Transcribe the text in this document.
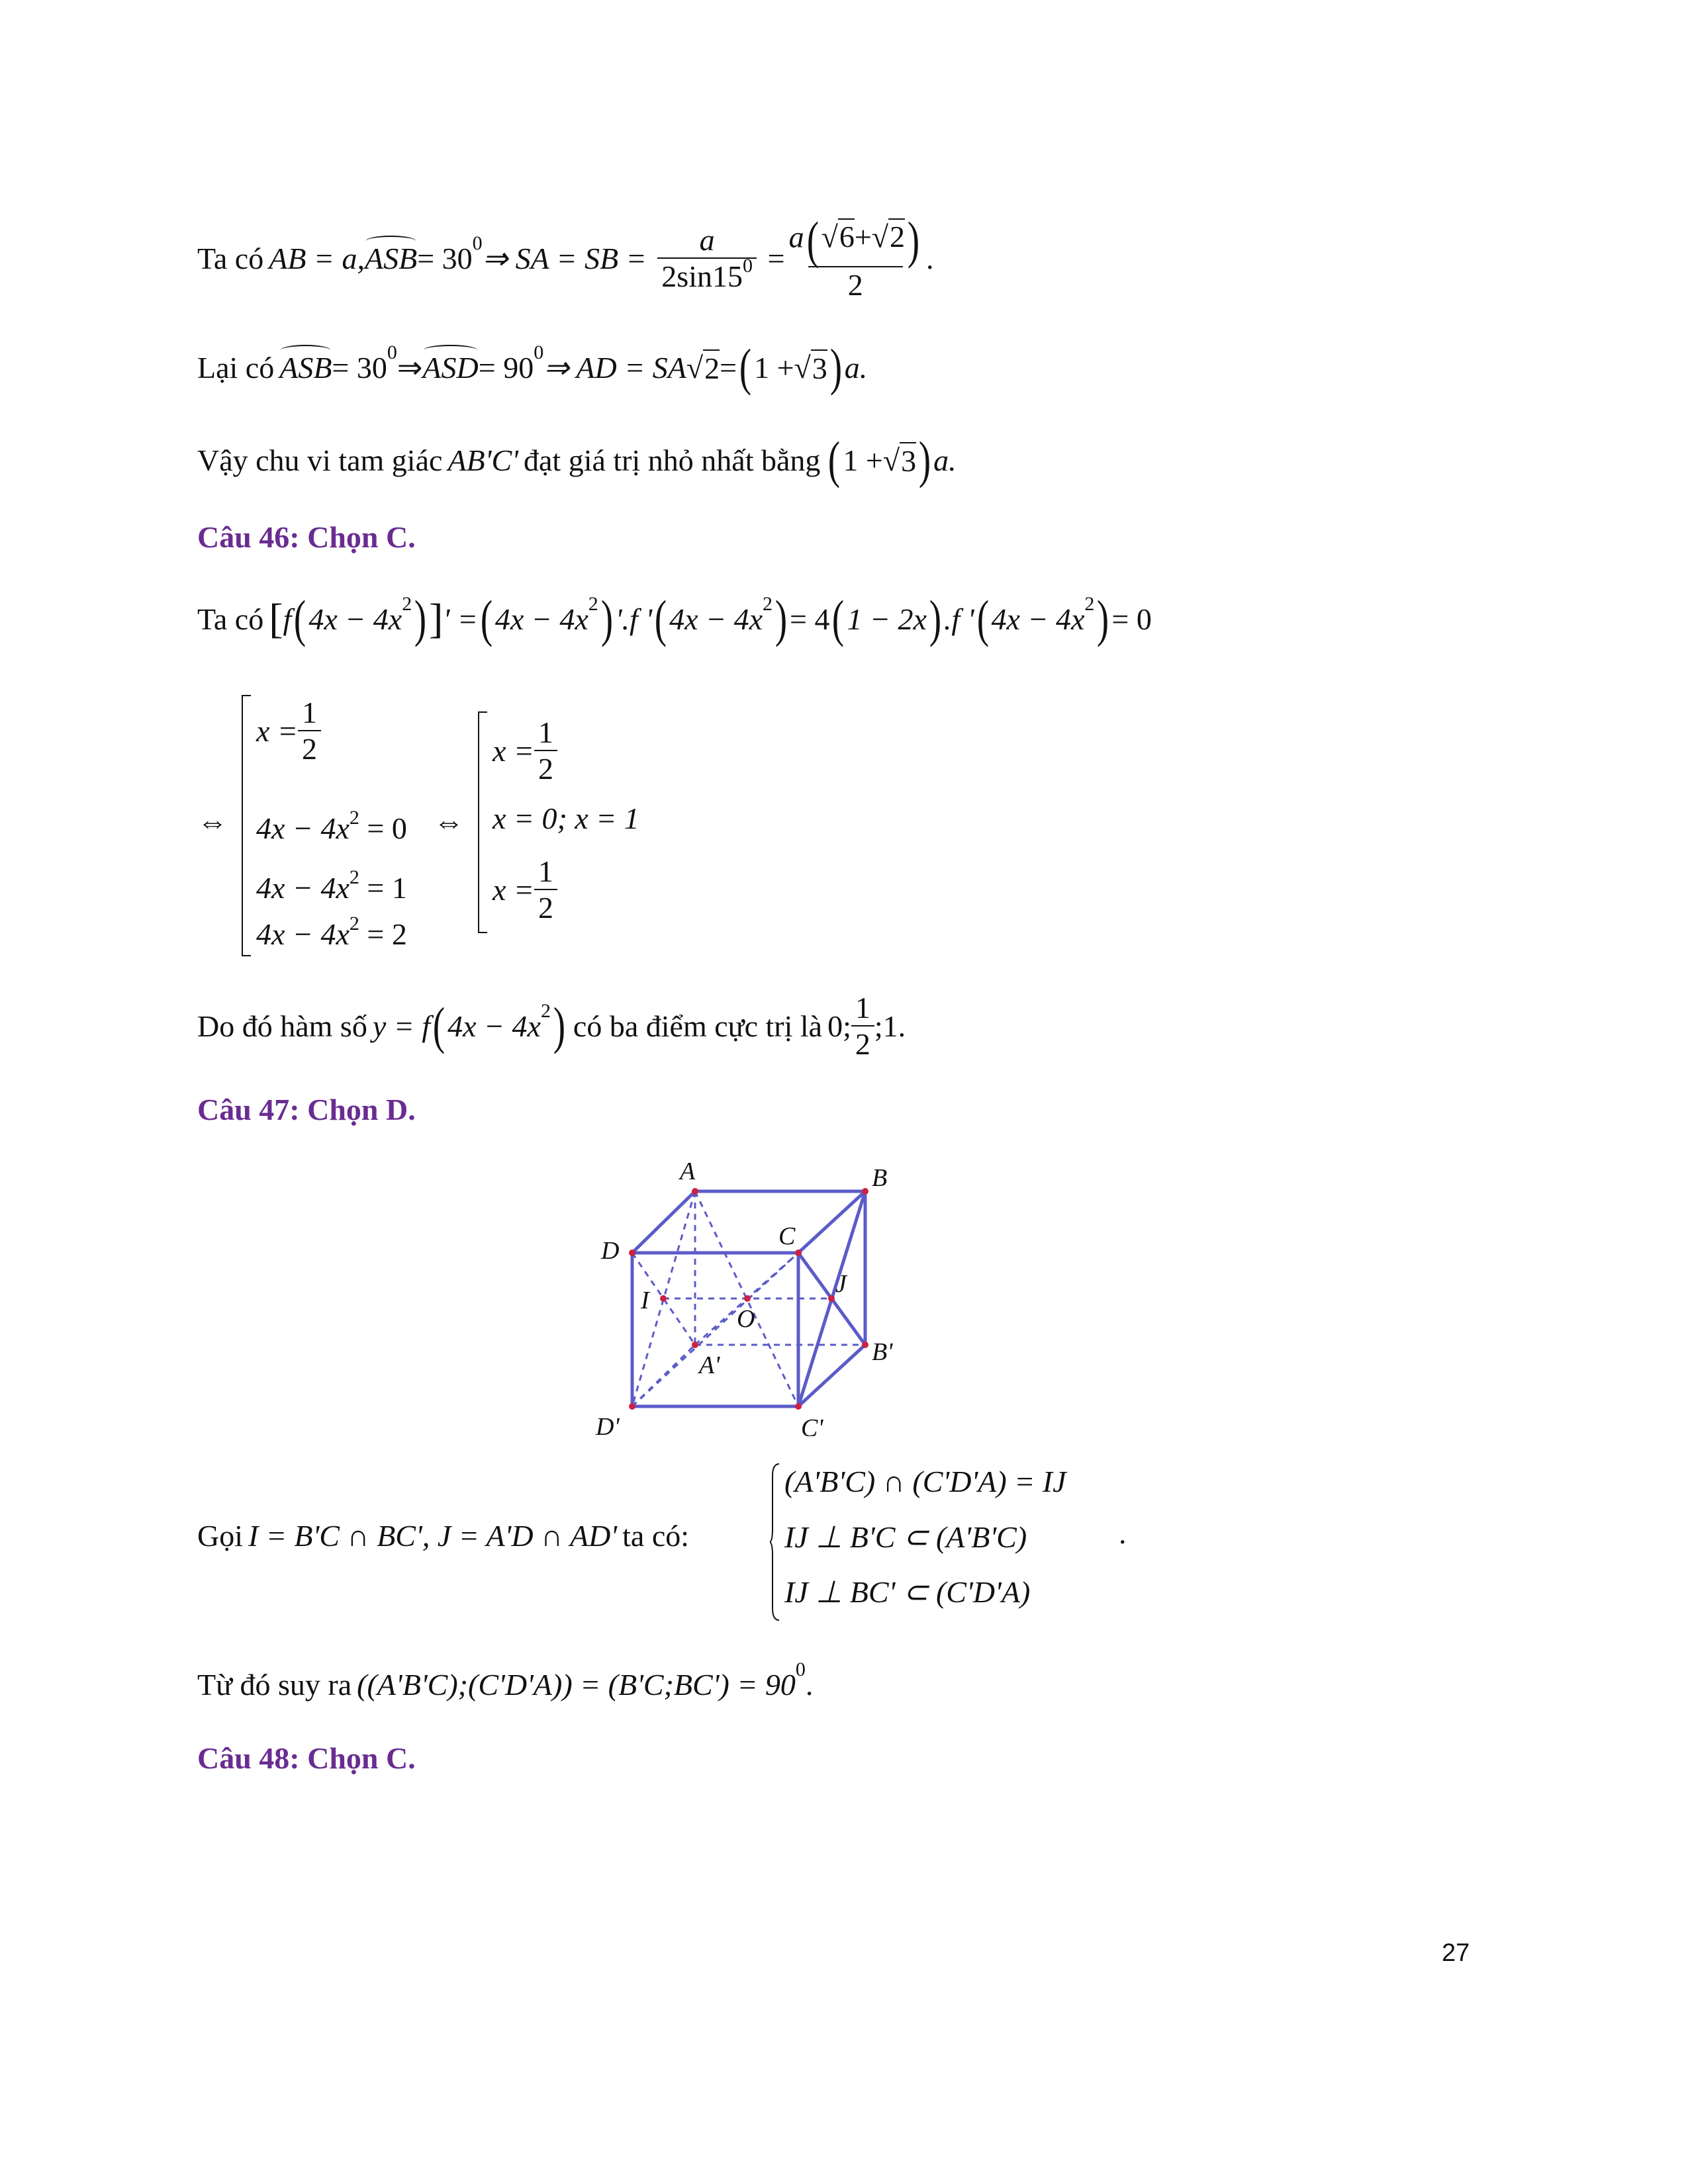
Ta có
AB = a, ASB = 30 0 ⇒ SA = SB = $\frac{a}{2\sin 15^0} = \frac{a(√6+√2)}{2}$ .
Lại có
ASB = 30 0 ⇒ ASD = 90 0 ⇒ AD = SA √ 2 = ( 1 + √ 3 ) a.
Vậy chu vi tam giác
AB'C'
đạt giá trị nhỏ nhất bằng
( 1 + √ 3 ) a.
Câu 46: Chọn C.
Ta có
[ f ( 4x − 4x 2 ) ] ' = ( 4x − 4x 2 ) '.f ' ( 4x − 4x 2 ) = 4 ( 1 − 2x ) .f ' ( 4x − 4x 2 ) = 0
⇔
$x = \frac{1}{2}$
$4x - 4x^2 = 0$
$4x - 4x^2 = 1$
$4x - 4x^2 = 2$
⇔
$x = \frac{1}{2}$
x = 0; x = 1
$x = \frac{1}{2}$
Do đó hàm số
y = f ( 4x − 4x 2 )
có ba điểm cực trị là
0; $\frac{1}{2}$ ;1.
Câu 47: Chọn D.
A	B
C
D
A'	B'
C'
D'
I
J
O
Gọi
I = B'C ∩ BC', J = A'D ∩ AD'
ta có:
(A'B'C) ∩ (C'D'A) = IJ
IJ ⊥ B'C ⊂ (A'B'C)
IJ ⊥ BC' ⊂ (C'D'A)
.
Từ đó suy ra
((A'B'C);(C'D'A)) = (B'C;BC') = 90 0 .
Câu 48: Chọn C.
27
